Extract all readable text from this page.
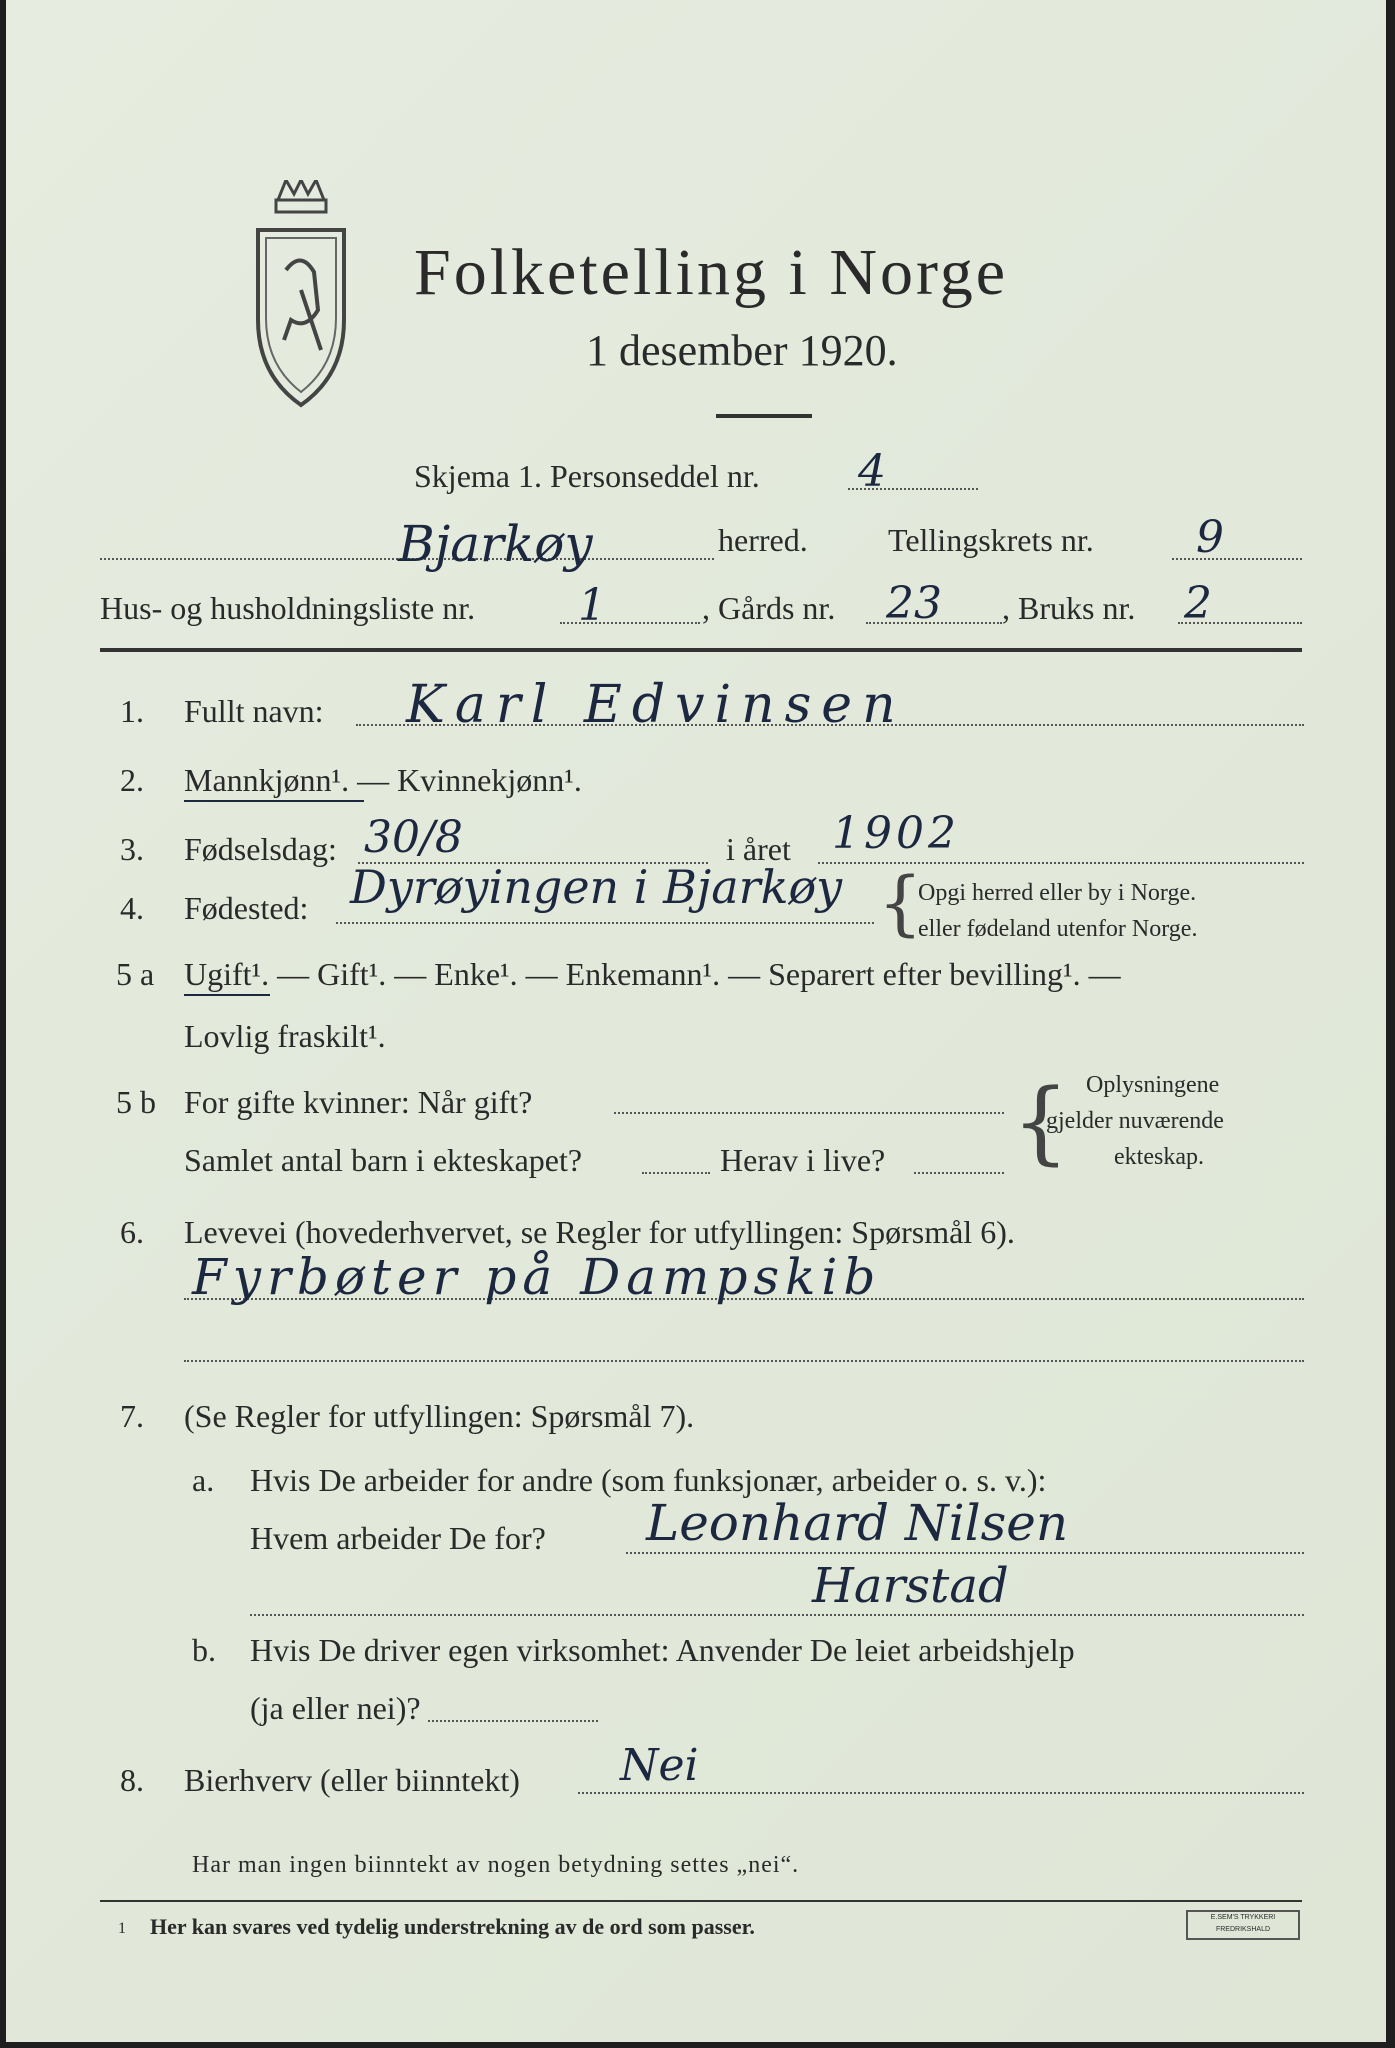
Folketelling i Norge
1 desember 1920.
Skjema 1. Personseddel nr. 4
Bjarkøy	herred.	Tellingskrets nr. 9
Hus- og husholdningsliste nr. 1	, Gårds nr. 23 , Bruks nr. 2
1. Fullt navn: Karl Edvinsen
2. Mannkjønn¹. — Kvinnekjønn¹.
3. Fødselsdag: 30/8	i året 1902
4. Fødested: Dyrøyingen i Bjarkøy {
Opgi herred eller by i Norge.
eller fødeland utenfor Norge.
5 a Ugift¹. — Gift¹. — Enke¹. — Enkemann¹. — Separert efter bevilling¹. —
Lovlig fraskilt¹.
5 b For gifte kvinner: Når gift?
Samlet antal barn i ekteskapet?	Herav i live? { Oplysningene
gjelder nuværende
ekteskap.
6. Levevei (hovederhvervet, se Regler for utfyllingen: Spørsmål 6).
Fyrbøter på Dampskib
7. (Se Regler for utfyllingen: Spørsmål 7).
a. Hvis De arbeider for andre (som funksjonær, arbeider o. s. v.):
Hvem arbeider De for? Leonhard Nilsen
Harstad
b. Hvis De driver egen virksomhet: Anvender De leiet arbeidshjelp
(ja eller nei)?
8. Bierhverv (eller biinntekt) Nei
Har man ingen biinntekt av nogen betydning settes „nei“.
1 Her kan svares ved tydelig understrekning av de ord som passer.	E.SEM'S TRYKKERI FREDRIKSHALD
